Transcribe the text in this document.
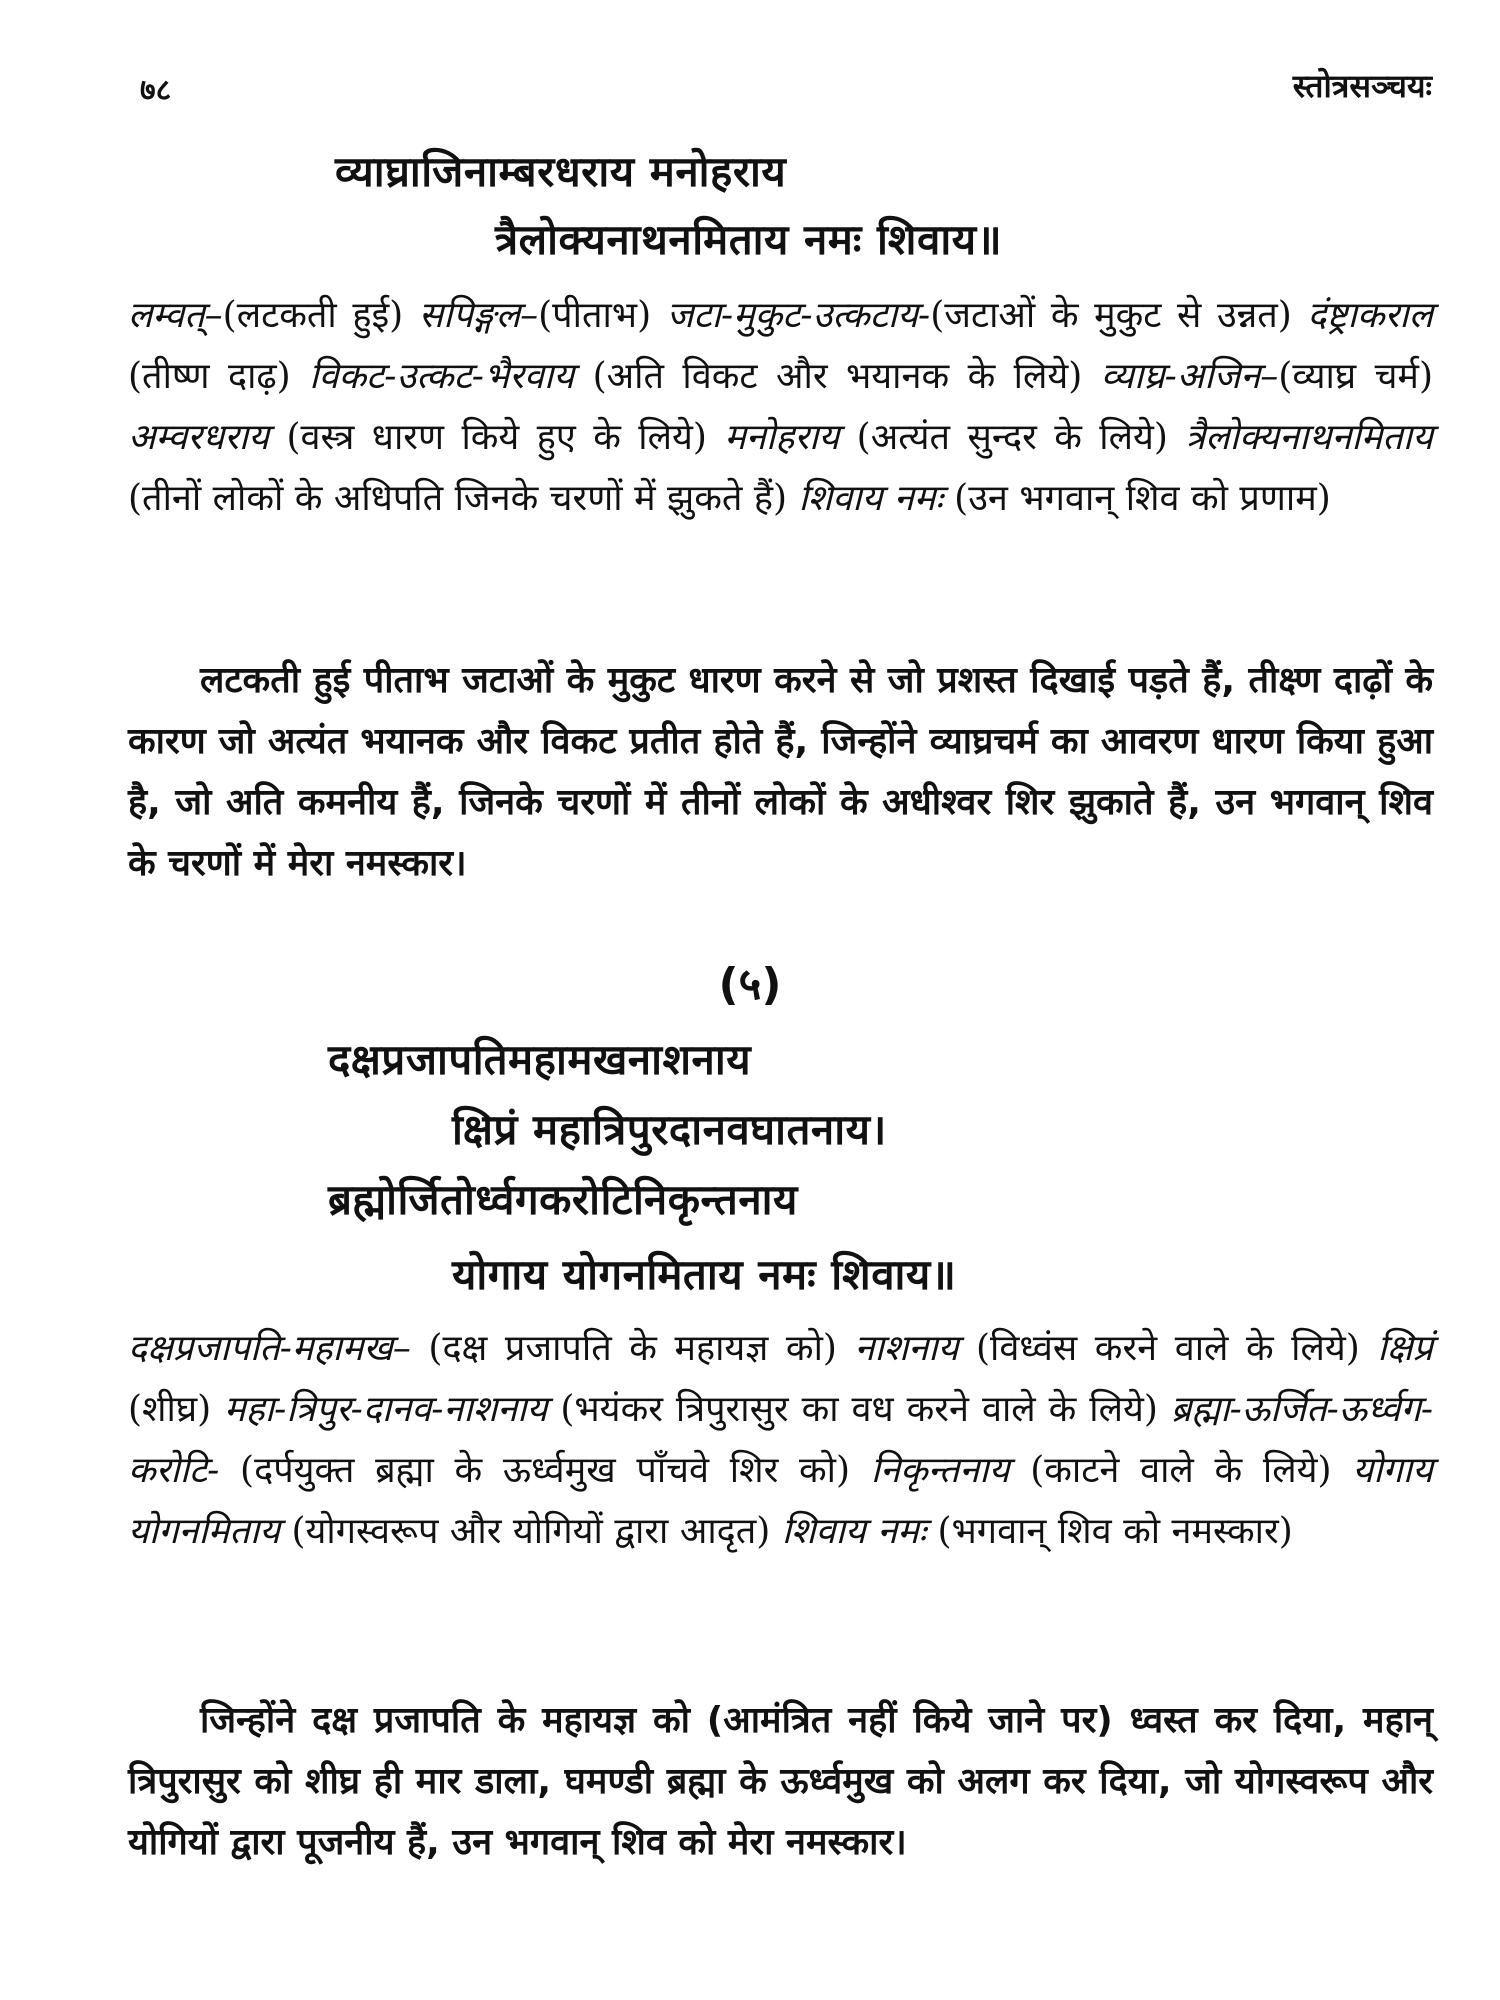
७८	स्तोत्रसञ्चयः
व्याघ्राजिनाम्बरधराय मनोहराय
त्रैलोक्यनाथनमिताय नमः शिवाय॥

लम्वत्–(लटकती हुई) सपिङ्गल–(पीताभ) जटा-मुकुट-उत्कटाय-(जटाओं के मुकुट से उन्नत) दंष्ट्राकराल (तीष्ण दाढ़) विकट-उत्कट-भैरवाय (अति विकट और भयानक के लिये) व्याघ्र-अजिन–(व्याघ्र चर्म) अम्वरधराय (वस्त्र धारण किये हुए के लिये) मनोहराय (अत्यंत सुन्दर के लिये) त्रैलोक्यनाथनमिताय (तीनों लोकों के अधिपति जिनके चरणों में झुकते हैं) शिवाय नमः (उन भगवान् शिव को प्रणाम)

लटकती हुई पीताभ जटाओं के मुकुट धारण करने से जो प्रशस्त दिखाई पड़ते हैं, तीक्ष्ण दाढ़ों के कारण जो अत्यंत भयानक और विकट प्रतीत होते हैं, जिन्होंने व्याघ्रचर्म का आवरण धारण किया हुआ है, जो अति कमनीय हैं, जिनके चरणों में तीनों लोकों के अधीश्वर शिर झुकाते हैं, उन भगवान् शिव के चरणों में मेरा नमस्कार।

(५)
दक्षप्रजापतिमहामखनाशनाय
क्षिप्रं महात्रिपुरदानवघातनाय।
ब्रह्मोर्जितोर्ध्वगकरोटिनिकृन्तनाय
योगाय योगनमिताय नमः शिवाय॥

दक्षप्रजापति-महामख– (दक्ष प्रजापति के महायज्ञ को) नाशनाय (विध्वंस करने वाले के लिये) क्षिप्रं (शीघ्र) महा-त्रिपुर-दानव-नाशनाय (भयंकर त्रिपुरासुर का वध करने वाले के लिये) ब्रह्मा-ऊर्जित-ऊर्ध्वग-करोटि- (दर्पयुक्त ब्रह्मा के ऊर्ध्वमुख पाँचवे शिर को) निकृन्तनाय (काटने वाले के लिये) योगाय योगनमिताय (योगस्वरूप और योगियों द्वारा आदृत) शिवाय नमः (भगवान् शिव को नमस्कार)

जिन्होंने दक्ष प्रजापति के महायज्ञ को (आमंत्रित नहीं किये जाने पर) ध्वस्त कर दिया, महान् त्रिपुरासुर को शीघ्र ही मार डाला, घमण्डी ब्रह्मा के ऊर्ध्वमुख को अलग कर दिया, जो योगस्वरूप और योगियों द्वारा पूजनीय हैं, उन भगवान् शिव को मेरा नमस्कार।
